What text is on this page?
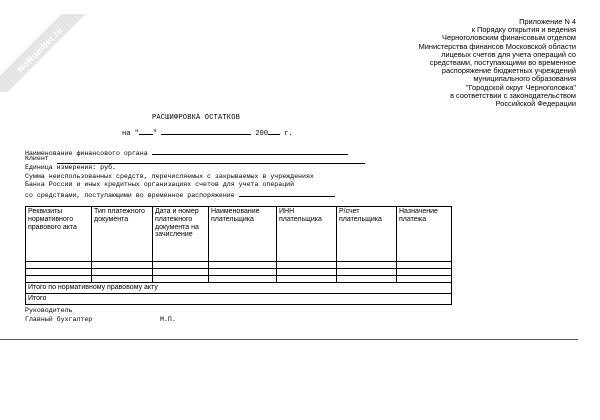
NoNumber.ru
Приложение N 4
к Порядку открытия и ведения
Черноголовским финансовым отделом
Министерства финансов Московской области
лицевых счетов для учета операций со
средствами, поступающими во временное
распоряжение бюджетных учреждений
муниципального образования
"Городской округ Черноголовка"
в соответствии с законодательством
Российской Федерации
РАСШИФРОВКА ОСТАТКОВ
на " "	200 г.
Наименование финансового органа
Клиент
Единица измерения: руб.
Сумма неиспользованных средств, перечисляемых с закрываемых в учреждениях
Банка России и иных кредитных организациях счетов для учета операций
со средствами, поступающими во временное распоряжение
Реквизиты нормативного правового акта	Тип платежного документа	Дата и номер платежного документа на зачисление	Наименование плательщика	ИНН плательщика	Р/счет плательщика	Назначение платежа

Итого по нормативному правовому акту						
Итого						
Руководитель
Главный бухгалтер	М.П.
